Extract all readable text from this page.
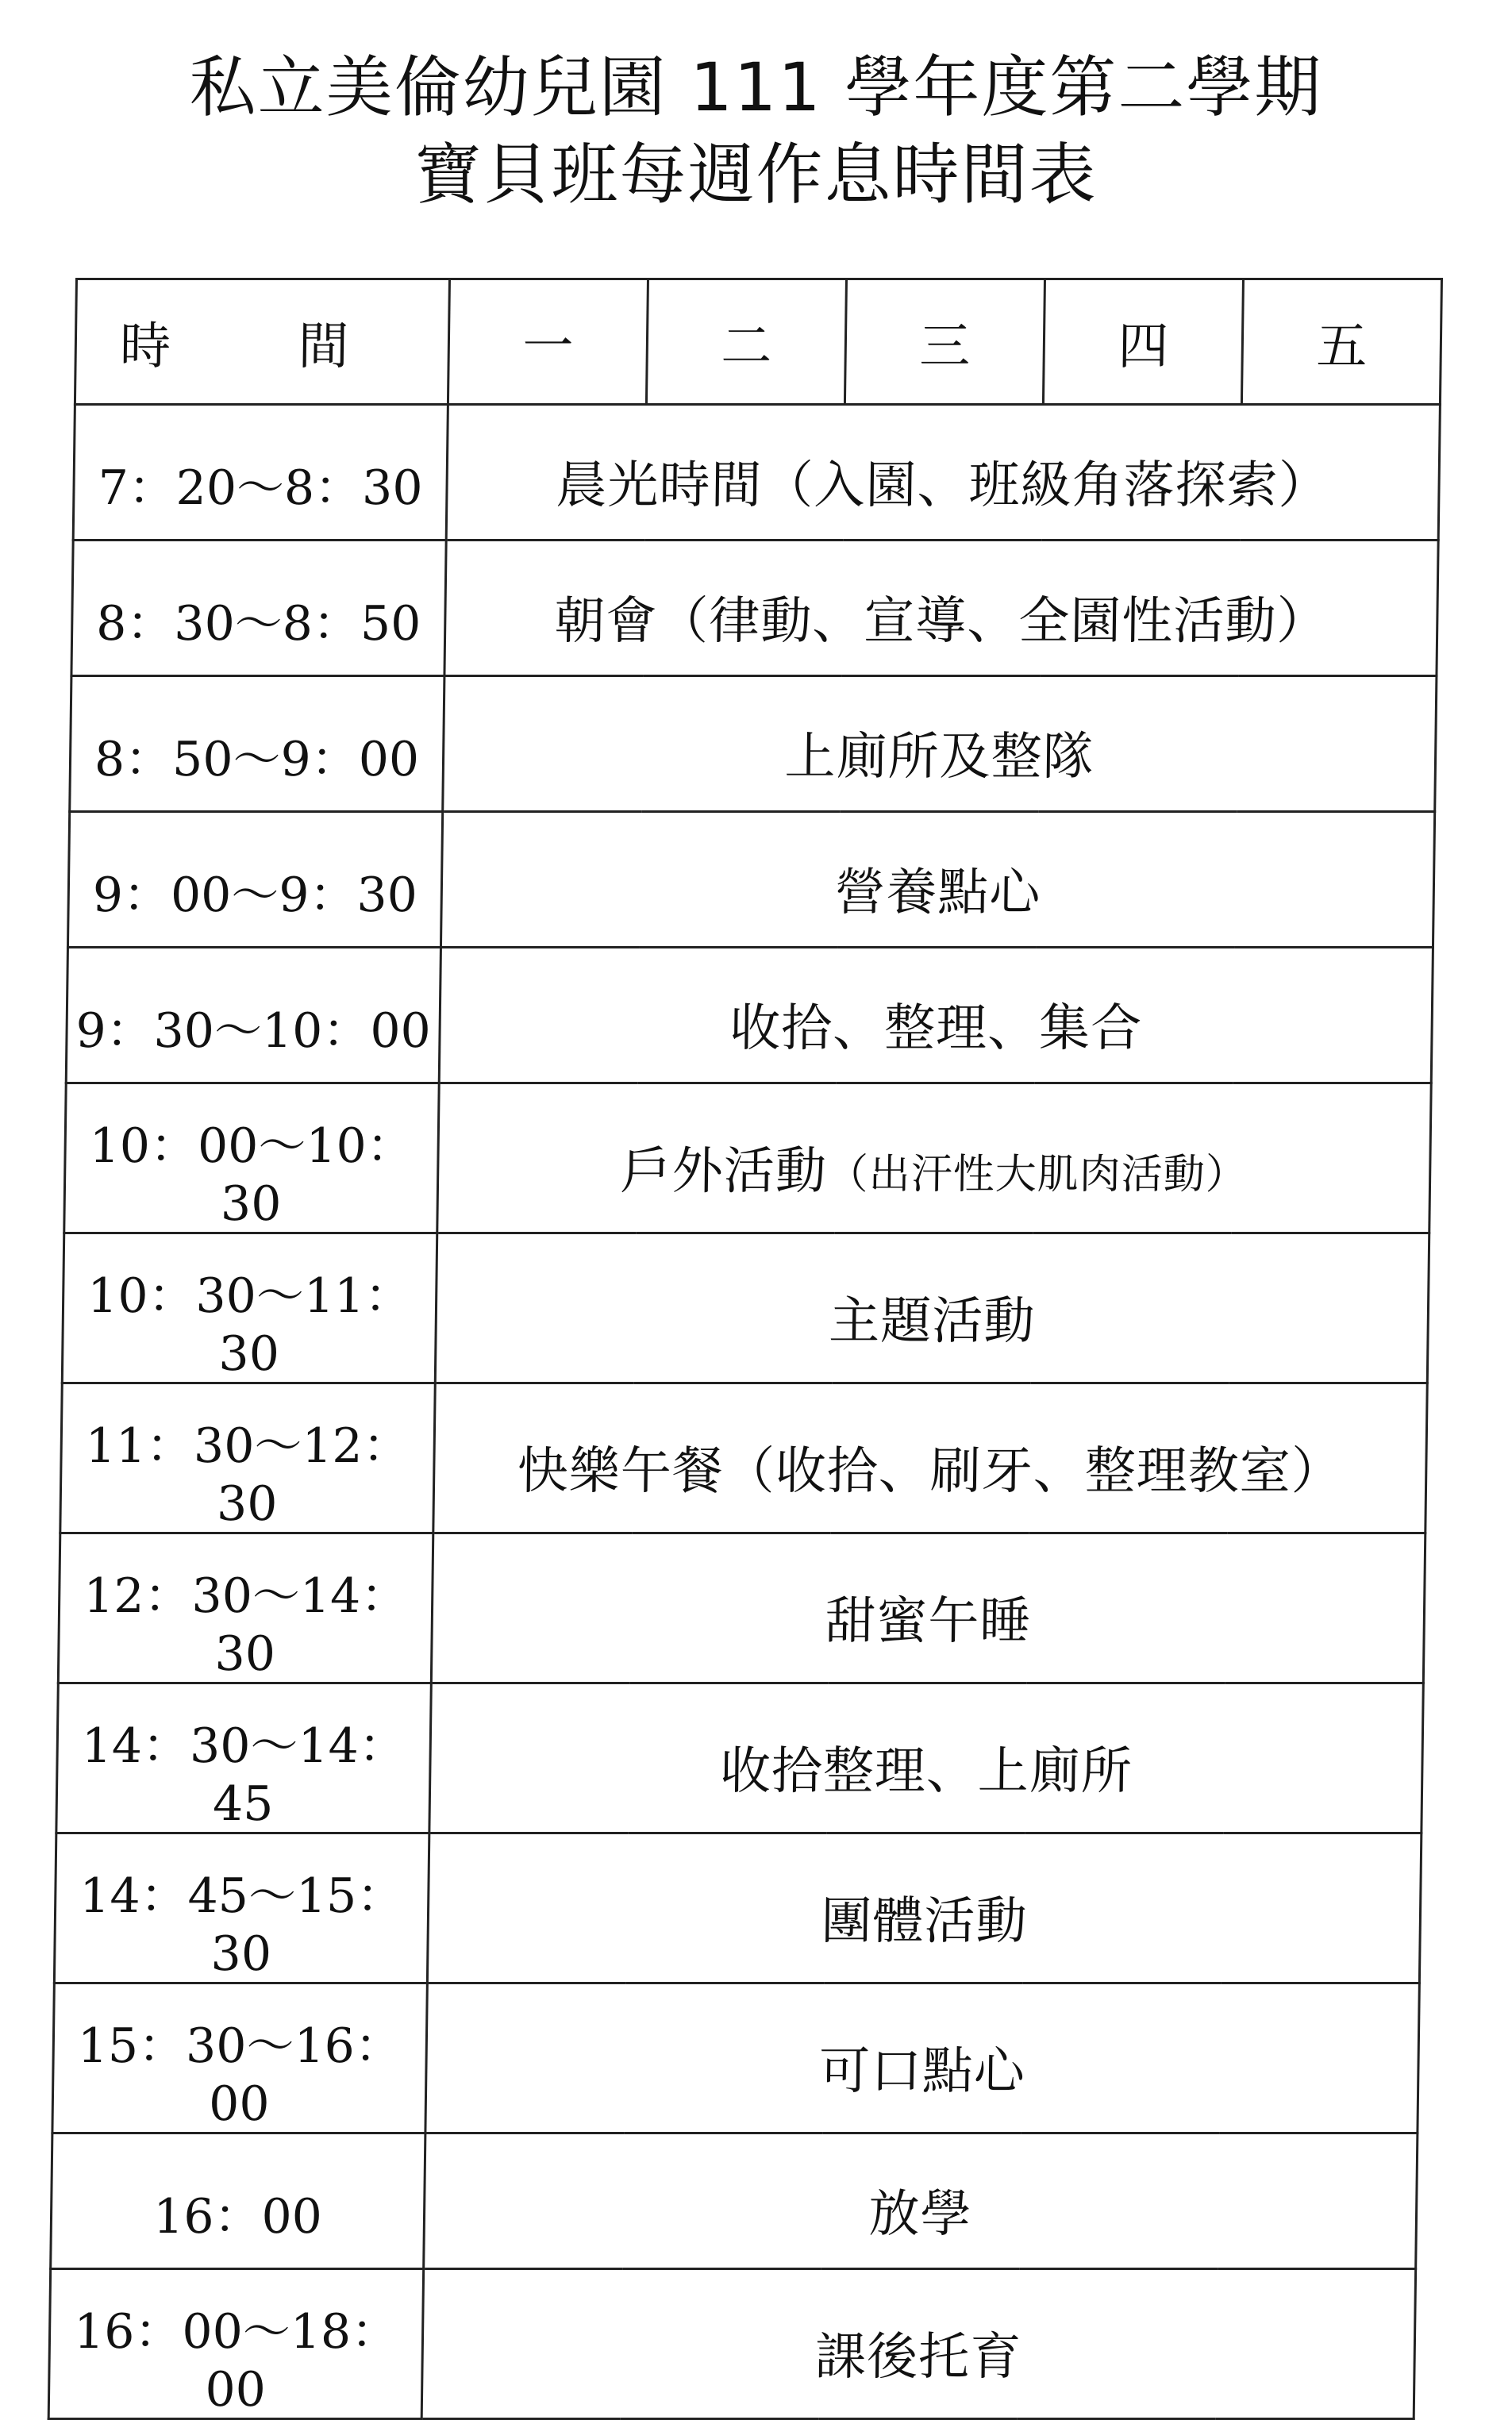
私立美倫幼兒園 111 學年度第二學期
寶貝班每週作息時間表
時 間	一	二	三	四	五
7：20～8：30	晨光時間（入園、班級角落探索）				
8：30～8：50	朝會（律動、宣導、全園性活動）				
8：50～9：00	上廁所及整隊				
9：00～9：30	營養點心				
9：30～10：00	收拾、整理、集合				
10：00～10：30	戶外活動（出汗性大肌肉活動）				
10：30～11：30	主題活動				
11：30～12：30	快樂午餐（收拾、刷牙、整理教室）				
12：30～14：30	甜蜜午睡				
14：30～14：45	收拾整理、上廁所				
14：45～15：30	團體活動				
15：30～16：00	可口點心				
16：00	放學				
16：00～18：00	課後托育				
